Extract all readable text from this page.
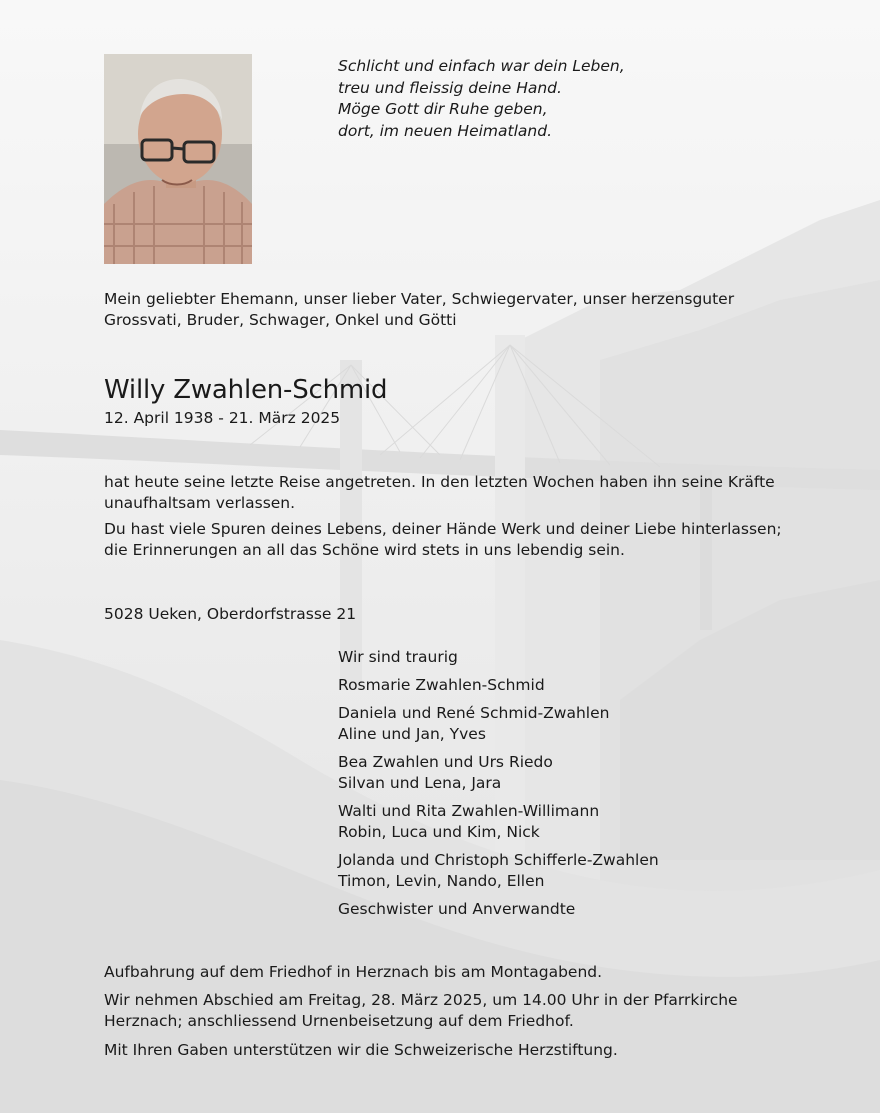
Schlicht und einfach war dein Leben,
treu und fleissig deine Hand.
Möge Gott dir Ruhe geben,
dort, im neuen Heimatland.
Mein geliebter Ehemann, unser lieber Vater, Schwiegervater, unser herzensguter Grossvati, Bruder, Schwager, Onkel und Götti
Willy Zwahlen-Schmid
12. April 1938 - 21. März 2025
hat heute seine letzte Reise angetreten. In den letzten Wochen haben ihn seine Kräfte unaufhaltsam verlassen.
Du hast viele Spuren deines Lebens, deiner Hände Werk und deiner Liebe hinterlassen; die Erinnerungen an all das Schöne wird stets in uns lebendig sein.
5028 Ueken, Oberdorfstrasse 21
Wir sind traurig
Rosmarie Zwahlen-Schmid
Daniela und René Schmid-Zwahlen
Aline und Jan, Yves
Bea Zwahlen und Urs Riedo
Silvan und Lena, Jara
Walti und Rita Zwahlen-Willimann
Robin, Luca und Kim, Nick
Jolanda und Christoph Schifferle-Zwahlen
Timon, Levin, Nando, Ellen
Geschwister und Anverwandte
Aufbahrung auf dem Friedhof in Herznach bis am Montagabend.
Wir nehmen Abschied am Freitag, 28. März 2025, um 14.00 Uhr in der Pfarrkirche Herznach; anschliessend Urnenbeisetzung auf dem Friedhof.
Mit Ihren Gaben unterstützen wir die Schweizerische Herzstiftung.
